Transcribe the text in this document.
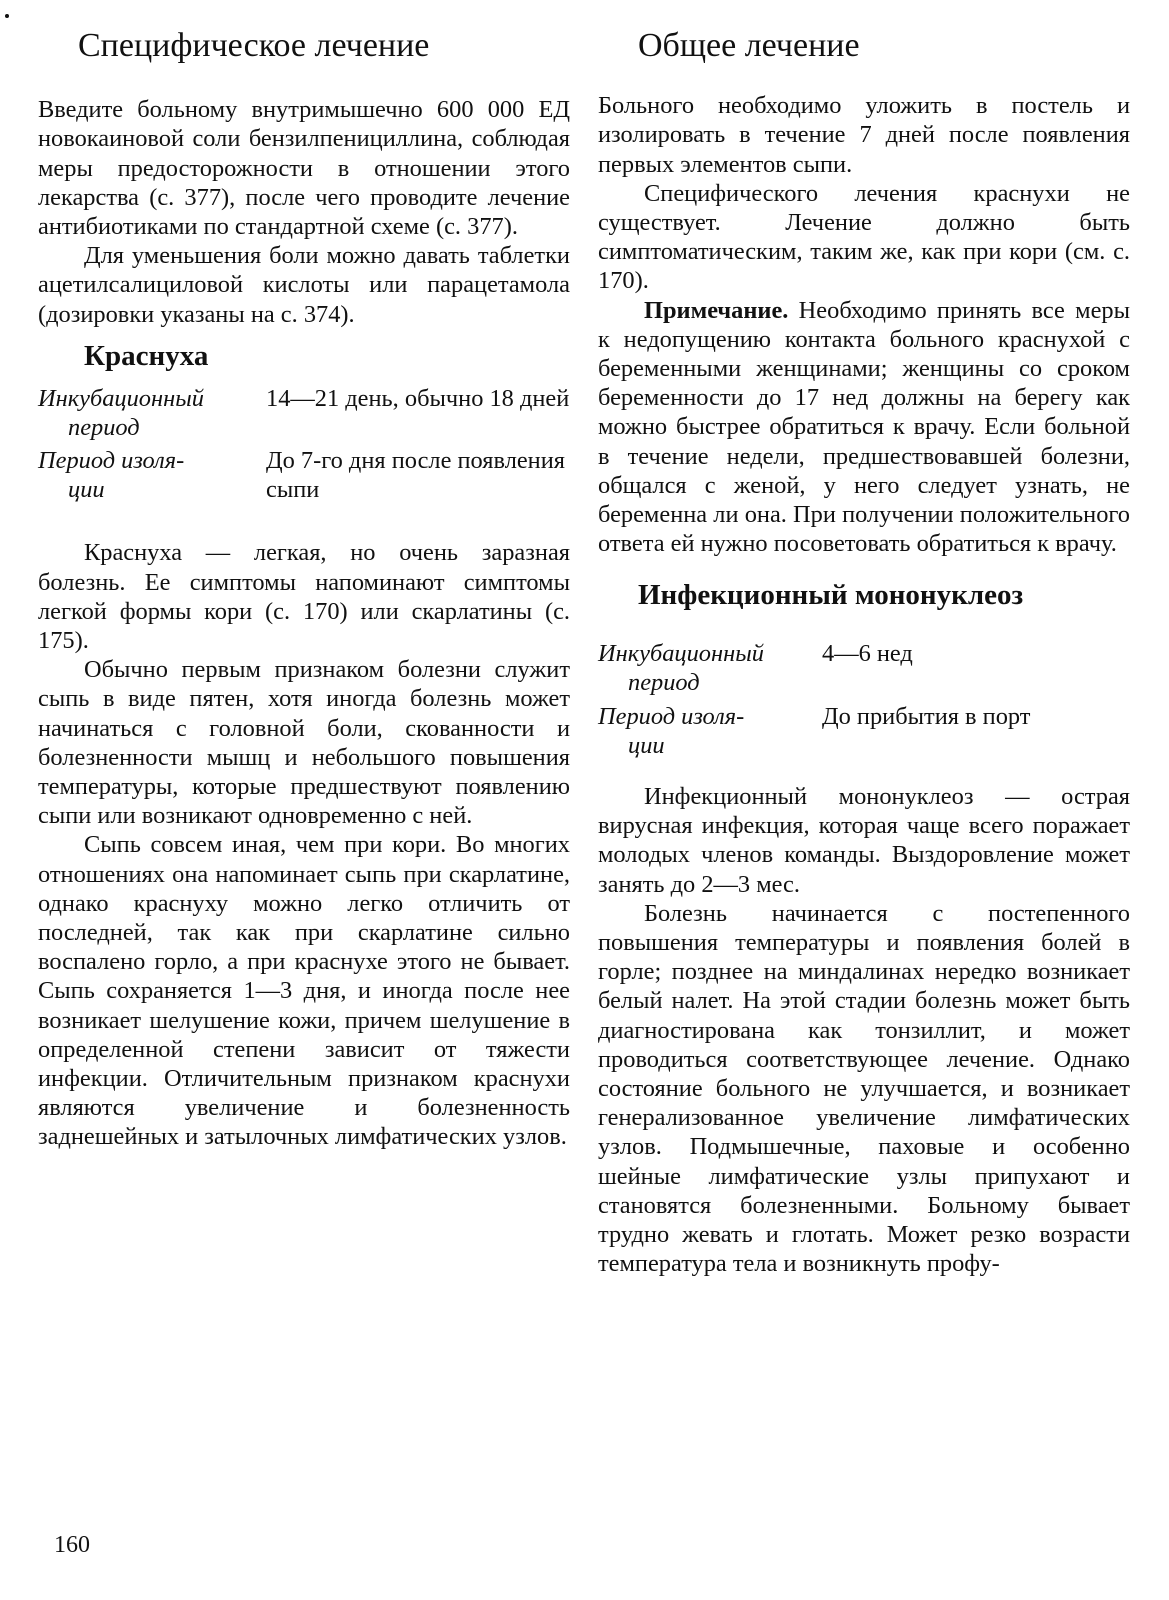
Специфическое лечение

Введите больному внутримышечно 600 000 ЕД новокаиновой соли бензилпенициллина, соблюдая меры предосторожности в отношении этого лекарства (с. 377), после чего проводите лечение антибиотиками по стандартной схеме (с. 377).

Для уменьшения боли можно давать таблетки ацетилсалициловой кислоты или парацетамола (дозировки указаны на с. 374).

Краснуха
Инкубационный
период
14—21 день, обычно 18 дней
Период изоля-
ции
До 7-го дня после появления сыпи

Краснуха — легкая, но очень заразная болезнь. Ее симптомы напоминают симптомы легкой формы кори (с. 170) или скарлатины (с. 175).

Обычно первым признаком болезни служит сыпь в виде пятен, хотя иногда болезнь может начинаться с головной боли, скованности и болезненности мышц и небольшого повышения температуры, которые предшествуют появлению сыпи или возникают одновременно с ней.

Сыпь совсем иная, чем при кори. Во многих отношениях она напоминает сыпь при скарлатине, однако краснуху можно легко отличить от последней, так как при скарлатине сильно воспалено горло, а при краснухе этого не бывает. Сыпь сохраняется 1—3 дня, и иногда после нее возникает шелушение кожи, причем шелушение в определенной степени зависит от тяжести инфекции. Отличительным признаком краснухи являются увеличение и болезненность заднешейных и затылочных лимфатических узлов.

Общее лечение

Больного необходимо уложить в постель и изолировать в течение 7 дней после появления первых элементов сыпи.

Специфического лечения краснухи не существует. Лечение должно быть симптоматическим, таким же, как при кори (см. с. 170).

Примечание. Необходимо принять все меры к недопущению контакта больного краснухой с беременными женщинами; женщины со сроком беременности до 17 нед должны на берегу как можно быстрее обратиться к врачу. Если больной в течение недели, предшествовавшей болезни, общался с женой, у него следует узнать, не беременна ли она. При получении положительного ответа ей нужно посоветовать обратиться к врачу.

Инфекционный мононуклеоз
Инкубационный
период
4—6 нед
Период изоля-
ции
До прибытия в порт

Инфекционный мононуклеоз — острая вирусная инфекция, которая чаще всего поражает молодых членов команды. Выздоровление может занять до 2—3 мес.

Болезнь начинается с постепенного повышения температуры и появления болей в горле; позднее на миндалинах нередко возникает белый налет. На этой стадии болезнь может быть диагностирована как тонзиллит, и может проводиться соответствующее лечение. Однако состояние больного не улучшается, и возникает генерализованное увеличение лимфатических узлов. Подмышечные, паховые и особенно шейные лимфатические узлы припухают и становятся болезненными. Больному бывает трудно жевать и глотать. Может резко возрасти температура тела и возникнуть профу-

160
